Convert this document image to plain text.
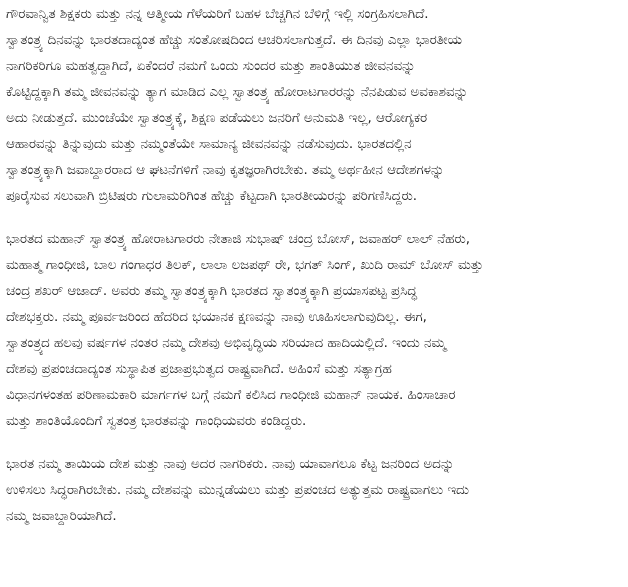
ಗೌರವಾನ್ವಿತ ಶಿಕ್ಷಕರು ಮತ್ತು ನನ್ನ ಆತ್ಮೀಯ ಗೆಳೆಯರಿಗೆ ಬಹಳ ಬೆಚ್ಚಗಿನ ಬೆಳಿಗ್ಗೆ ಇಲ್ಲಿ ಸಂಗ್ರಹಿಸಲಾಗಿದೆ.
ಸ್ವಾತಂತ್ರ್ಯ ದಿನವನ್ನು ಭಾರತದಾದ್ಯಂತ ಹೆಚ್ಚು ಸಂತೋಷದಿಂದ ಆಚರಿಸಲಾಗುತ್ತದೆ. ಈ ದಿನವು ಎಲ್ಲಾ ಭಾರತೀಯ
ನಾಗರಿಕರಿಗೂ ಮಹತ್ವದ್ದಾಗಿದೆ, ಏಕೆಂದರೆ ನಮಗೆ ಒಂದು ಸುಂದರ ಮತ್ತು ಶಾಂತಿಯುತ ಜೀವನವನ್ನು
ಕೊಟ್ಟಿದ್ದಕ್ಕಾಗಿ ತಮ್ಮ ಜೀವನವನ್ನು ತ್ಯಾಗ ಮಾಡಿದ ಎಲ್ಲ ಸ್ವಾತಂತ್ರ್ಯ ಹೋರಾಟಗಾರರನ್ನು ನೆನಪಿಡುವ ಅವಕಾಶವನ್ನು
ಅದು ನೀಡುತ್ತದೆ. ಮುಂಚೆಯೇ ಸ್ವಾತಂತ್ರ್ಯಕ್ಕೆ, ಶಿಕ್ಷಣ ಪಡೆಯಲು ಜನರಿಗೆ ಅನುಮತಿ ಇಲ್ಲ, ಆರೋಗ್ಯಕರ
ಆಹಾರವನ್ನು ತಿನ್ನುವುದು ಮತ್ತು ನಮ್ಮಂತೆಯೇ ಸಾಮಾನ್ಯ ಜೀವನವನ್ನು ನಡೆಸುವುದು. ಭಾರತದಲ್ಲಿನ
ಸ್ವಾತಂತ್ರ್ಯಕ್ಕಾಗಿ ಜವಾಬ್ದಾರರಾದ ಆ ಘಟನೆಗಳಿಗೆ ನಾವು ಕೃತಜ್ಞರಾಗಿರಬೇಕು. ತಮ್ಮ ಅರ್ಥಹೀನ ಆದೇಶಗಳನ್ನು
ಪೂರೈಸುವ ಸಲುವಾಗಿ ಬ್ರಿಟಿಷರು ಗುಲಾಮರಿಗಿಂತ ಹೆಚ್ಚು ಕೆಟ್ಟದಾಗಿ ಭಾರತೀಯರನ್ನು ಪರಿಗಣಿಸಿದ್ದರು.
ಭಾರತದ ಮಹಾನ್ ಸ್ವಾತಂತ್ರ್ಯ ಹೋರಾಟಗಾರರು ನೇತಾಜಿ ಸುಭಾಷ್ ಚಂದ್ರ ಬೋಸ್, ಜವಾಹರ್ ಲಾಲ್ ನೆಹರು,
ಮಹಾತ್ಮ ಗಾಂಧೀಜಿ, ಬಾಲ ಗಂಗಾಧರ ತಿಲಕ್, ಲಾಲಾ ಲಜಪಥ್ ರೇ, ಭಗತ್ ಸಿಂಗ್, ಖುದಿ ರಾಮ್ ಬೋಸ್ ಮತ್ತು
ಚಂದ್ರ ಶಖರ್ ಆಜಾದ್. ಅವರು ತಮ್ಮ ಸ್ವಾತಂತ್ರ್ಯಕ್ಕಾಗಿ ಭಾರತದ ಸ್ವಾತಂತ್ರ್ಯಕ್ಕಾಗಿ ಪ್ರಯಾಸಪಟ್ಟ ಪ್ರಸಿದ್ಧ
ದೇಶಭಕ್ತರು. ನಮ್ಮ ಪೂರ್ವಜರಿಂದ ಹೆದರಿದ ಭಯಾನಕ ಕ್ಷಣವನ್ನು ನಾವು ಊಹಿಸಲಾಗುವುದಿಲ್ಲ. ಈಗ,
ಸ್ವಾತಂತ್ರ್ಯದ ಹಲವು ವರ್ಷಗಳ ನಂತರ ನಮ್ಮ ದೇಶವು ಅಭಿವೃದ್ಧಿಯ ಸರಿಯಾದ ಹಾದಿಯಲ್ಲಿದೆ. ಇಂದು ನಮ್ಮ
ದೇಶವು ಪ್ರಪಂಚದಾದ್ಯಂತ ಸುಸ್ಥಾಪಿತ ಪ್ರಜಾಪ್ರಭುತ್ವದ ರಾಷ್ಟ್ರವಾಗಿದೆ. ಅಹಿಂಸೆ ಮತ್ತು ಸತ್ಯಾಗ್ರಹ
ವಿಧಾನಗಳಂತಹ ಪರಿಣಾಮಕಾರಿ ಮಾರ್ಗಗಳ ಬಗ್ಗೆ ನಮಗೆ ಕಲಿಸಿದ ಗಾಂಧೀಜಿ ಮಹಾನ್ ನಾಯಕ. ಹಿಂಸಾಚಾರ
ಮತ್ತು ಶಾಂತಿಯೊಂದಿಗೆ ಸ್ವತಂತ್ರ ಭಾರತವನ್ನು ಗಾಂಧಿಯವರು ಕಂಡಿದ್ದರು.
ಭಾರತ ನಮ್ಮ ತಾಯಿಯ ದೇಶ ಮತ್ತು ನಾವು ಅದರ ನಾಗರಿಕರು. ನಾವು ಯಾವಾಗಲೂ ಕೆಟ್ಟ ಜನರಿಂದ ಅದನ್ನು
ಉಳಿಸಲು ಸಿದ್ಧರಾಗಿರಬೇಕು. ನಮ್ಮ ದೇಶವನ್ನು ಮುನ್ನಡೆಯಲು ಮತ್ತು ಪ್ರಪಂಚದ ಅತ್ಯುತ್ತಮ ರಾಷ್ಟ್ರವಾಗಲು ಇದು
ನಮ್ಮ ಜವಾಬ್ದಾರಿಯಾಗಿದೆ.
